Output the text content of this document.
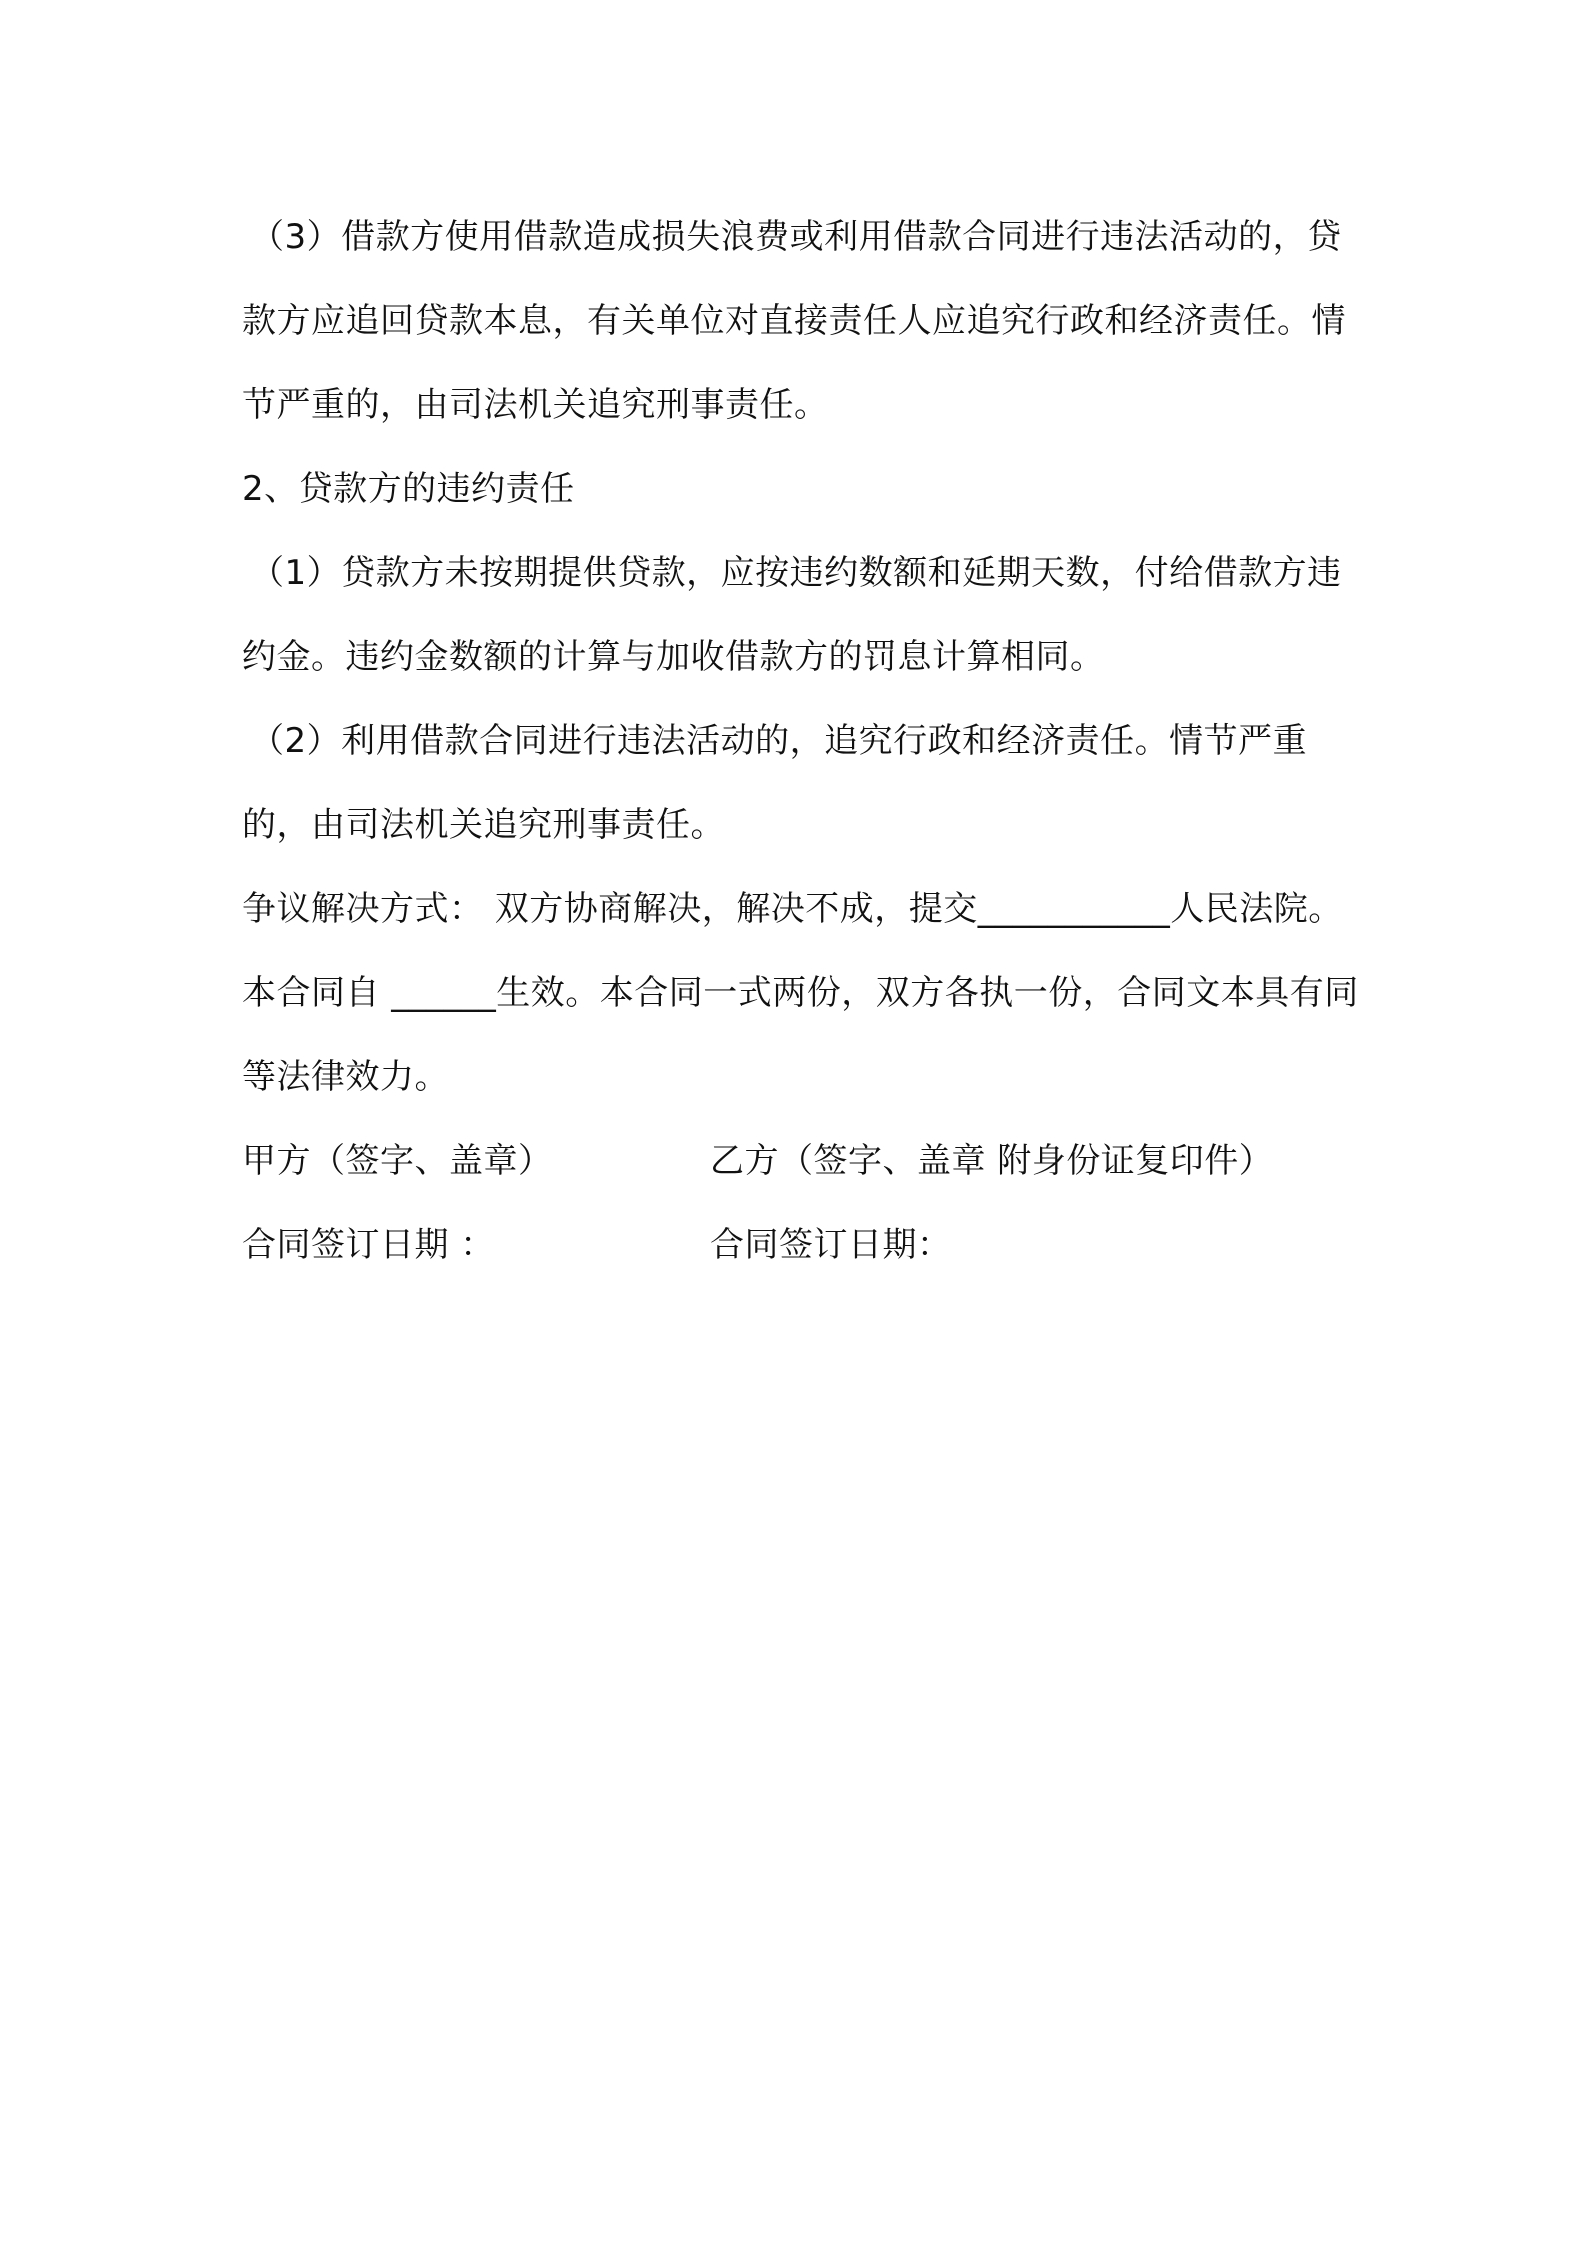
（3）借款方使用借款造成损失浪费或利用借款合同进行违法活动的，贷款方应追回贷款本息，有关单位对直接责任人应追究行政和经济责任。情节严重的，由司法机关追究刑事责任。

2、贷款方的违约责任

（1）贷款方未按期提供贷款，应按违约数额和延期天数，付给借款方违约金。违约金数额的计算与加收借款方的罚息计算相同。

（2）利用借款合同进行违法活动的，追究行政和经济责任。情节严重的，由司法机关追究刑事责任。

争议解决方式： 双方协商解决，解决不成，提交___________人民法院。

本合同自 ______生效。本合同一式两份，双方各执一份，合同文本具有同等法律效力。

甲方（签字、盖章）	乙方（签字、盖章 附身份证复印件）
合同签订日期 ：	合同签订日期：
